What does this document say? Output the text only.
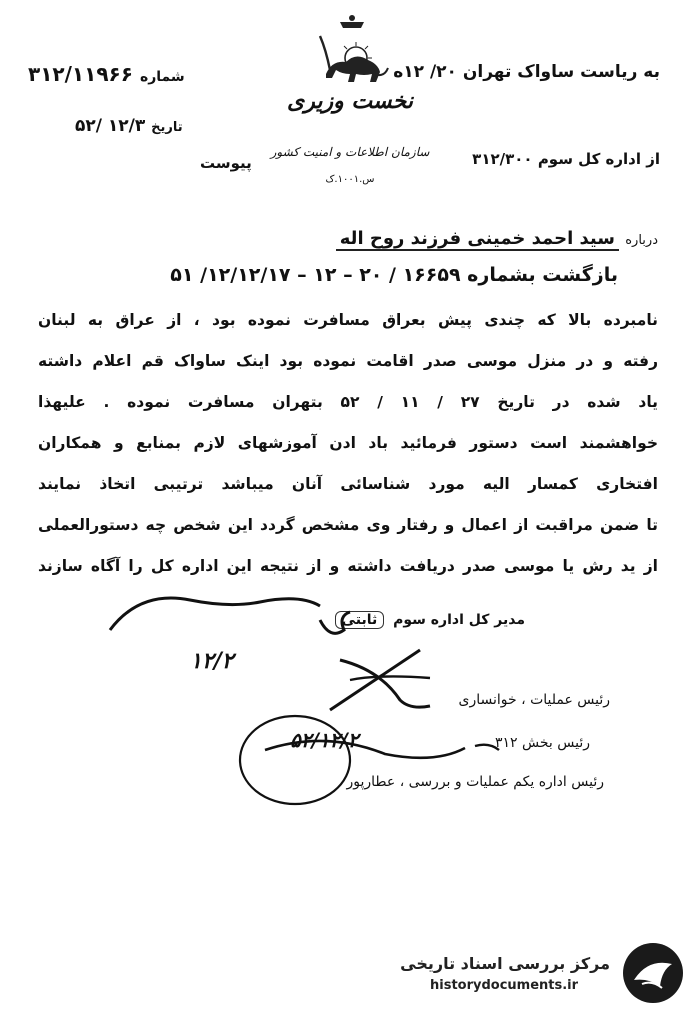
۳۱۲/۱۱۹۶۶ شماره
۵۲/ ۱۲/۳ تاریخ
پیوست
نخست وزیری
سازمان اطلاعات و امنیت کشور
س.۱۰۰۱.ک
به ریاست ساواک تهران ۲۰/ ۱۲ه
از اداره کل سوم ۳۱۲/۳۰۰
درباره سید احمد خمینی فرزند روح اله
بازگشت بشماره ۱۶۶۵۹ / ۲۰ – ۱۲ – ۱۲/۱۲/۱۷/ ۵۱
نامبرده بالا که چندی پیش بعراق مسافرت نموده بود ، از عراق به لبنان
رفته و در منزل موسی صدر اقامت نموده بود اینک ساواک قم اعلام داشته
یاد شده در تاریخ ۲۷ / ۱۱ / ۵۲ بتهران مسافرت نموده . علیهذا
خواهشمند است دستور فرمائید باد ادن آموزشهای لازم بمنابع و همکاران
افتخاری کمسار الیه مورد شناسائی آنان میباشد ترتیبی اتخاذ نمایند
تا ضمن مراقبت از اعمال و رفتار وی مشخص گردد این شخص چه دستورالعملی
از ید رش یا موسی صدر دریافت داشته و از نتیجه این اداره کل را آگاه سازند
مدیر کل اداره سوم ثابتی
۱۲/۲
رئیس عملیات ، خوانساری
۵۲/۱۲/۲	رئیس بخش ۳۱۲
رئیس اداره یکم عملیات و بررسی ، عطارپور
مرکز بررسی اسناد تاریخی
historydocuments.ir
